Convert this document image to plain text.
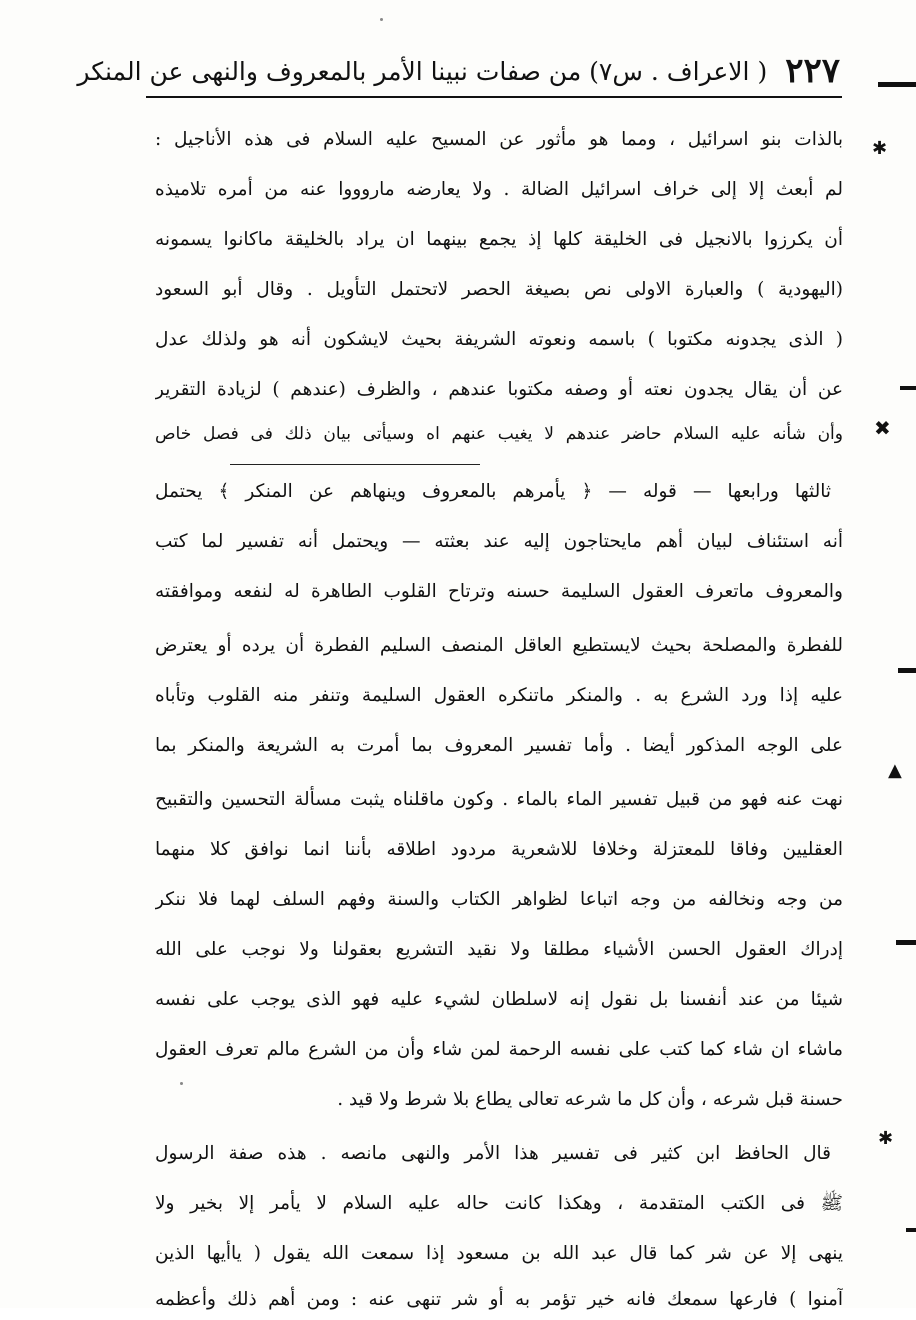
٢٢٧
( الاعراف . س٧) من صفات نبينا الأمر بالمعروف والنهى عن المنكر
بالذات بنو اسرائيل ، ومما هو مأثور عن المسيح عليه السلام فى هذه الأناجيل :
لم أبعث إلا إلى خراف اسرائيل الضالة . ولا يعارضه ماروووا عنه من أمره تلاميذه
أن يكرزوا بالانجيل فى الخليقة كلها إذ يجمع بينهما ان يراد بالخليقة ماكانوا يسمونه
(اليهودية ) والعبارة الاولى نص بصيغة الحصر لاتحتمل التأويل . وقال أبو السعود
( الذى يجدونه مكتوبا ) باسمه ونعوته الشريفة بحيث لايشكون أنه هو ولذلك عدل
عن أن يقال يجدون نعته أو وصفه مكتوبا عندهم ، والظرف (عندهم ) لزيادة التقرير
وأن شأنه عليه السلام حاضر عندهم لا يغيب عنهم اه وسيأتى بيان ذلك فى فصل خاص
ثالثها ورابعها — قوله — ﴿ يأمرهم بالمعروف وينهاهم عن المنكر ﴾ يحتمل
أنه استئناف لبيان أهم مايحتاجون إليه عند بعثته — ويحتمل أنه تفسير لما كتب
والمعروف ماتعرف العقول السليمة حسنه وترتاح القلوب الطاهرة له لنفعه وموافقته
للفطرة والمصلحة بحيث لايستطيع العاقل المنصف السليم الفطرة أن يرده أو يعترض
عليه إذا ورد الشرع به . والمنكر ماتنكره العقول السليمة وتنفر منه القلوب وتأباه
على الوجه المذكور أيضا . وأما تفسير المعروف بما أمرت به الشريعة والمنكر بما
نهت عنه فهو من قبيل تفسير الماء بالماء . وكون ماقلناه يثبت مسألة التحسين والتقبيح
العقليين وفاقا للمعتزلة وخلافا للاشعرية مردود اطلاقه بأننا انما نوافق كلا منهما
من وجه ونخالفه من وجه اتباعا لظواهر الكتاب والسنة وفهم السلف لهما فلا ننكر
إدراك العقول الحسن الأشياء مطلقا ولا نقيد التشريع بعقولنا ولا نوجب على الله
شيئا من عند أنفسنا بل نقول إنه لاسلطان لشيء عليه فهو الذى يوجب على نفسه
ماشاء ان شاء كما كتب على نفسه الرحمة لمن شاء وأن من الشرع مالم تعرف العقول
حسنة قبل شرعه ، وأن كل ما شرعه تعالى يطاع بلا شرط ولا قيد .
قال الحافظ ابن كثير فى تفسير هذا الأمر والنهى مانصه . هذه صفة الرسول
ﷺ فى الكتب المتقدمة ، وهكذا كانت حاله عليه السلام لا يأمر إلا بخير ولا
ينهى إلا عن شر كما قال عبد الله بن مسعود إذا سمعت الله يقول ( ياأيها الذين
آمنوا ) فارعها سمعك فانه خير تؤمر به أو شر تنهى عنه : ومن أهم ذلك وأعظمه
✱
✖
▲
✱
